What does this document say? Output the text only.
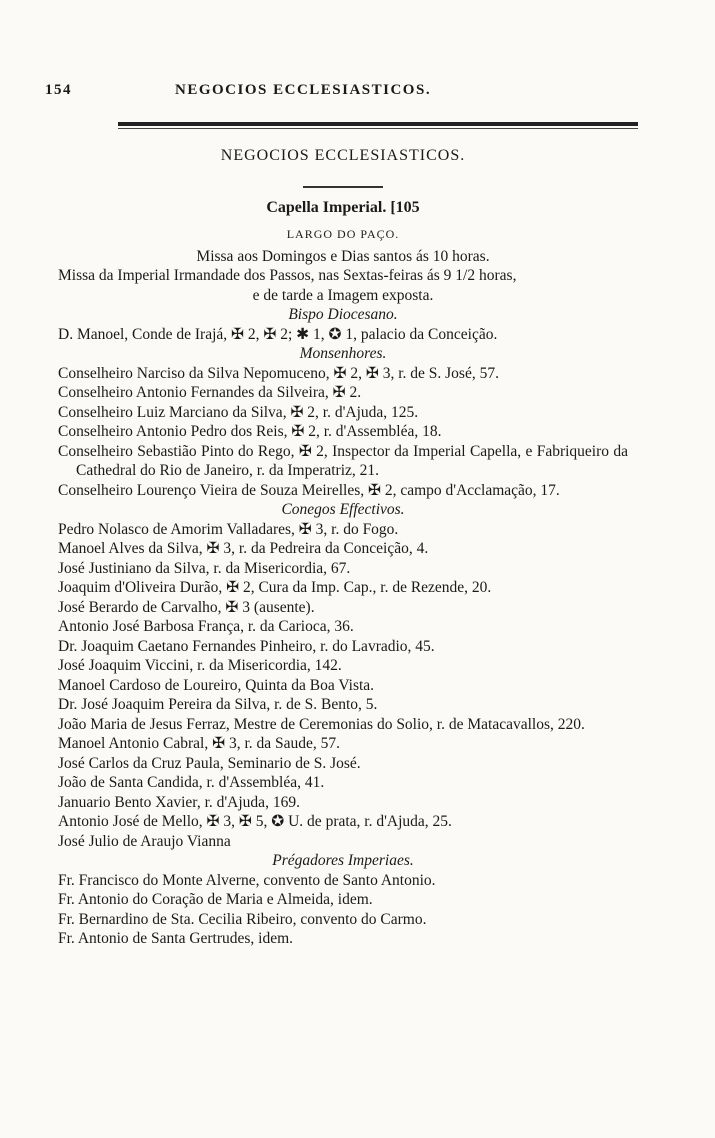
154	NEGOCIOS ECCLESIASTICOS.
NEGOCIOS ECCLESIASTICOS.
Capella Imperial. [105
LARGO DO PAÇO.
Missa aos Domingos e Dias santos ás 10 horas.
Missa da Imperial Irmandade dos Passos, nas Sextas-feiras ás 9 1/2 horas,
e de tarde a Imagem exposta.
Bispo Diocesano.
D. Manoel, Conde de Irajá, ✠ 2, ✠ 2; ✱ 1, ✪ 1, palacio da Conceição.
Monsenhores.
Conselheiro Narciso da Silva Nepomuceno, ✠ 2, ✠ 3, r. de S. José, 57.
Conselheiro Antonio Fernandes da Silveira, ✠ 2.
Conselheiro Luiz Marciano da Silva, ✠ 2, r. d'Ajuda, 125.
Conselheiro Antonio Pedro dos Reis, ✠ 2, r. d'Assembléa, 18.
Conselheiro Sebastião Pinto do Rego, ✠ 2, Inspector da Imperial Capella, e Fabriqueiro da Cathedral do Rio de Janeiro, r. da Imperatriz, 21.
Conselheiro Lourenço Vieira de Souza Meirelles, ✠ 2, campo d'Acclamação, 17.
Conegos Effectivos.
Pedro Nolasco de Amorim Valladares, ✠ 3, r. do Fogo.
Manoel Alves da Silva, ✠ 3, r. da Pedreira da Conceição, 4.
José Justiniano da Silva, r. da Misericordia, 67.
Joaquim d'Oliveira Durão, ✠ 2, Cura da Imp. Cap., r. de Rezende, 20.
José Berardo de Carvalho, ✠ 3 (ausente).
Antonio José Barbosa França, r. da Carioca, 36.
Dr. Joaquim Caetano Fernandes Pinheiro, r. do Lavradio, 45.
José Joaquim Viccini, r. da Misericordia, 142.
Manoel Cardoso de Loureiro, Quinta da Boa Vista.
Dr. José Joaquim Pereira da Silva, r. de S. Bento, 5.
João Maria de Jesus Ferraz, Mestre de Ceremonias do Solio, r. de Matacavallos, 220.
Manoel Antonio Cabral, ✠ 3, r. da Saude, 57.
José Carlos da Cruz Paula, Seminario de S. José.
João de Santa Candida, r. d'Assembléa, 41.
Januario Bento Xavier, r. d'Ajuda, 169.
Antonio José de Mello, ✠ 3, ✠ 5, ✪ U. de prata, r. d'Ajuda, 25.
José Julio de Araujo Vianna
Prégadores Imperiaes.
Fr. Francisco do Monte Alverne, convento de Santo Antonio.
Fr. Antonio do Coração de Maria e Almeida, idem.
Fr. Bernardino de Sta. Cecilia Ribeiro, convento do Carmo.
Fr. Antonio de Santa Gertrudes, idem.
